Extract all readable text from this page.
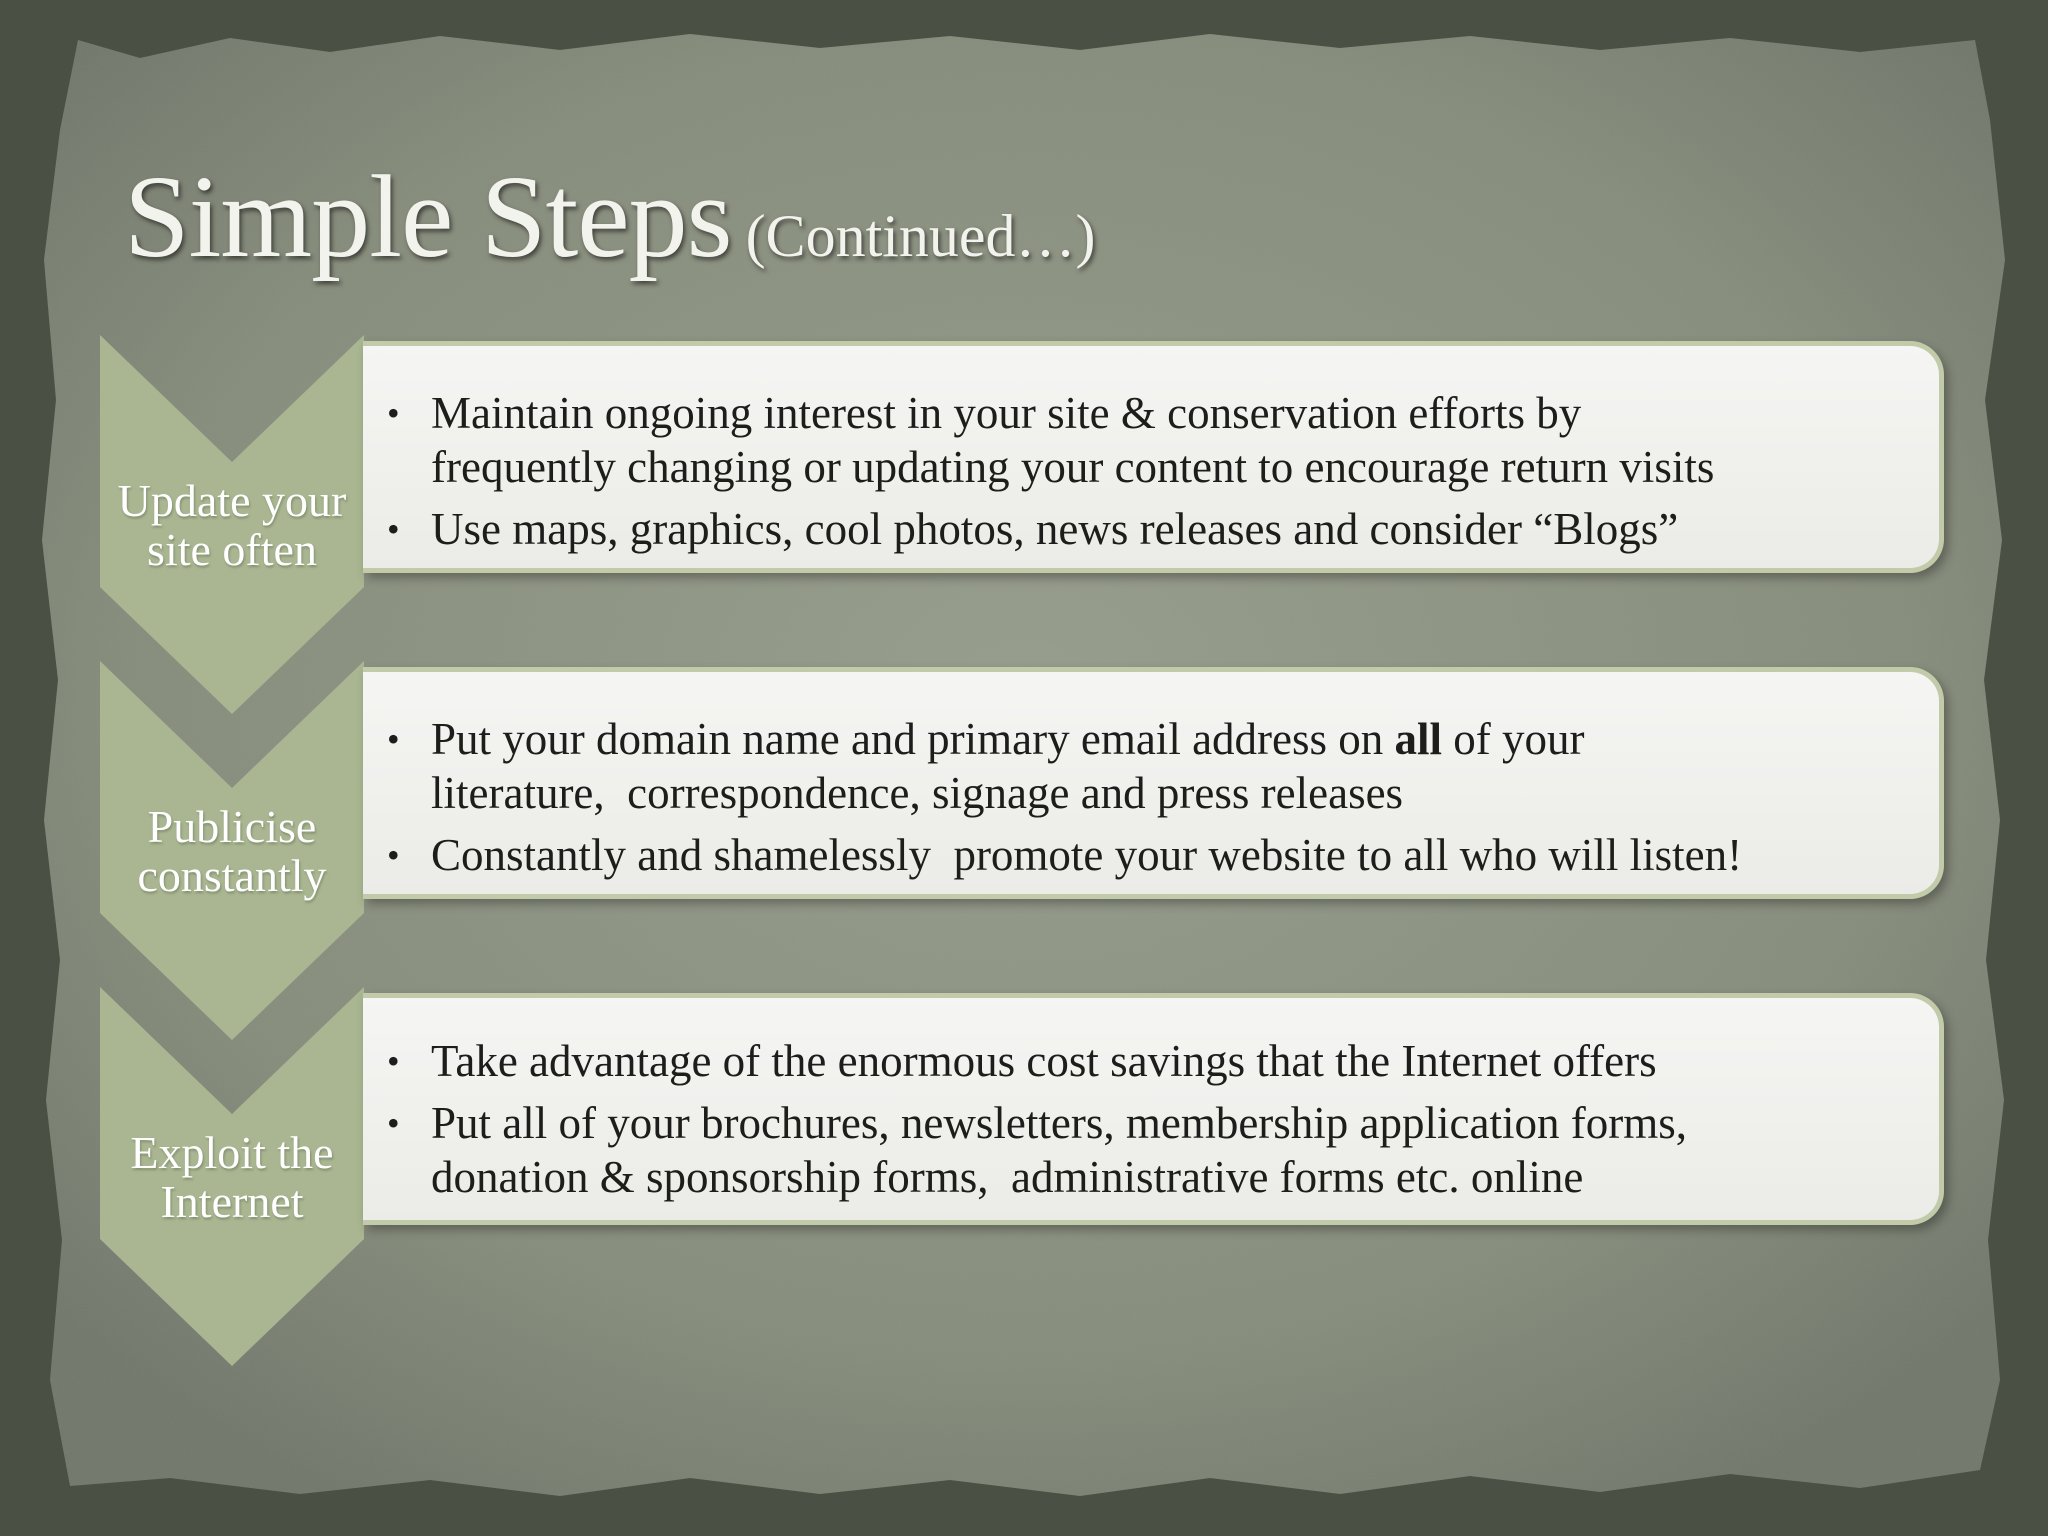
Simple Steps (Continued…)
Update your site often
• Maintain ongoing interest in your site & conservation efforts by
frequently changing or updating your content to encourage return visits
• Use maps, graphics, cool photos, news releases and consider “Blogs”
Publicise constantly
• Put your domain name and primary email address on all of your
literature,  correspondence, signage and press releases
• Constantly and shamelessly  promote your website to all who will listen!
Exploit the Internet
• Take advantage of the enormous cost savings that the Internet offers
• Put all of your brochures, newsletters, membership application forms,
donation & sponsorship forms,  administrative forms etc. online
